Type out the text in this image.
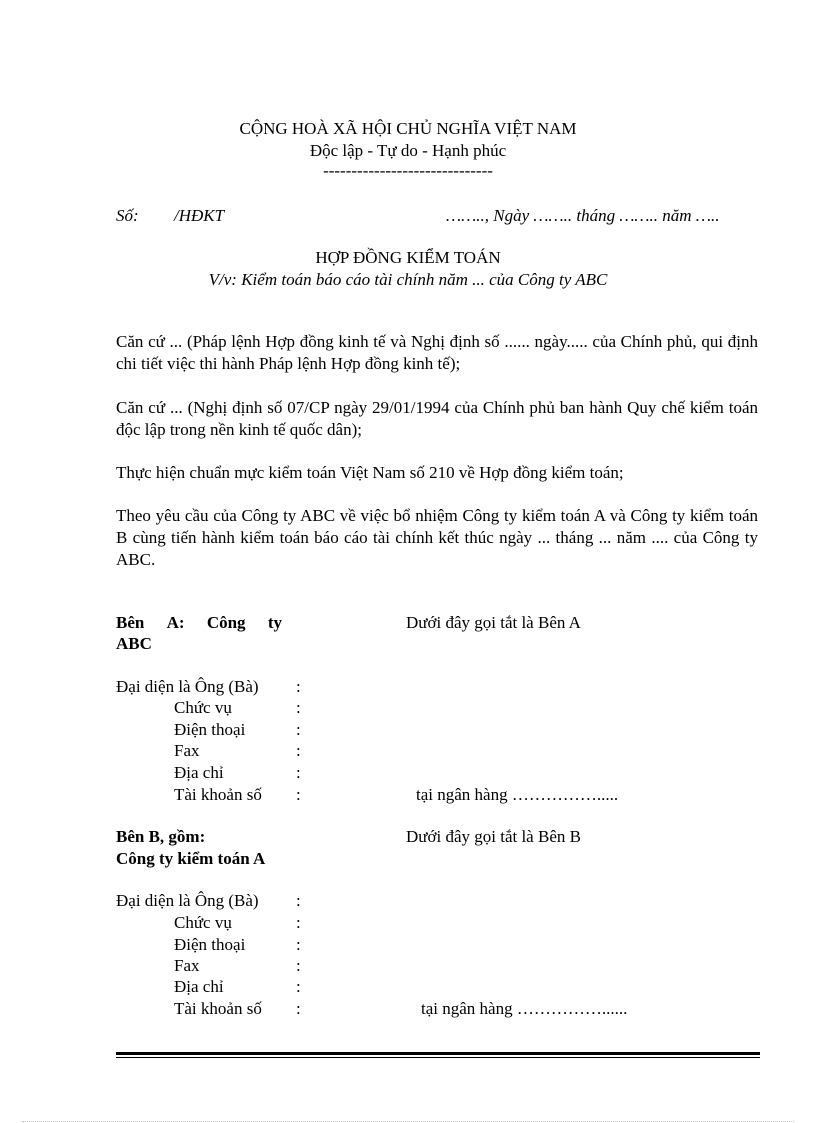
CỘNG HOÀ XÃ HỘI CHỦ NGHĨA VIỆT NAM
Độc lập - Tự do - Hạnh phúc
------------------------------
Số: /HĐKT	…….., Ngày …….. tháng …….. năm …..
HỢP ĐỒNG KIỂM TOÁN
V/v: Kiểm toán báo cáo tài chính năm ... của Công ty ABC
Căn cứ ... (Pháp lệnh Hợp đồng kinh tế và Nghị định số ...... ngày..... của Chính phủ, qui định chi tiết việc thi hành Pháp lệnh Hợp đồng kinh tế);
Căn cứ ... (Nghị định số 07/CP ngày 29/01/1994 của Chính phủ ban hành Quy chế kiểm toán độc lập trong nền kinh tế quốc dân);
Thực hiện chuẩn mực kiểm toán Việt Nam số 210 về Hợp đồng kiểm toán;
Theo yêu cầu của Công ty ABC về việc bổ nhiệm Công ty kiểm toán A và Công ty kiểm toán B cùng tiến hành kiểm toán báo cáo tài chính kết thúc ngày ... tháng ... năm .... của Công ty ABC.
Bên A: Công ty
ABC
Dưới đây gọi tắt là Bên A
Đại diện là Ông (Bà) :
Chức vụ	:
Điện thoại	:
Fax	:
Địa chỉ	:
Tài khoản số :	tại ngân hàng …………….....
Bên B, gồm:
Công ty kiểm toán A
Dưới đây gọi tắt là Bên B
Đại diện là Ông (Bà) :
Chức vụ	:
Điện thoại	:
Fax	:
Địa chỉ	:
Tài khoản số :	tại ngân hàng ……………......
